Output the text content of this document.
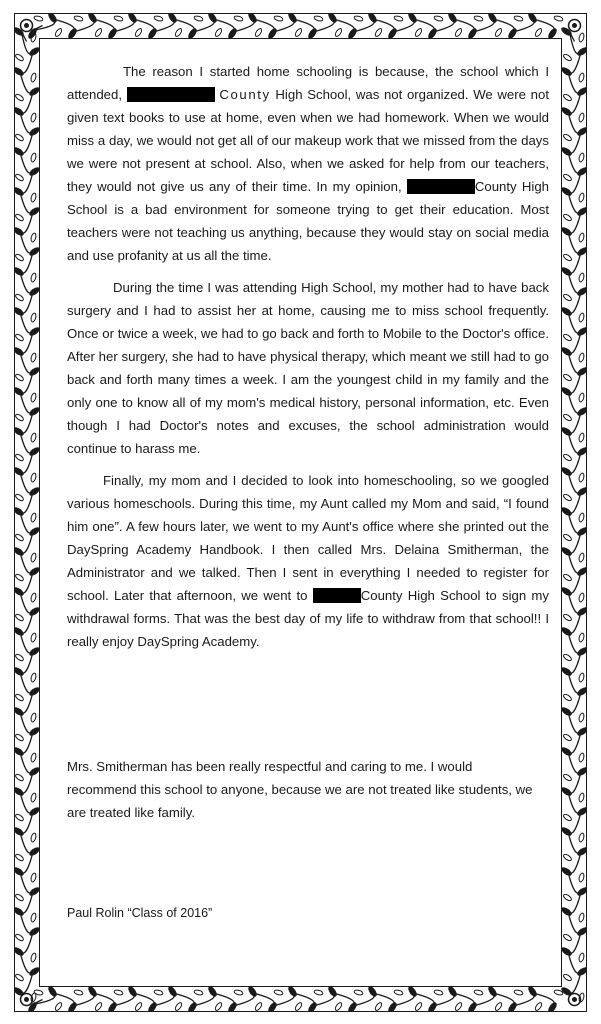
The reason I started home schooling is because, the school which I attended,	County High School, was not organized. We were not given text books to use at home, even when we had homework. When we would miss a day, we would not get all of our makeup work that we missed from the days we were not present at school. Also, when we asked for help from our teachers, they would not give us any of their time. In my opinion,	County High School is a bad environment for someone trying to get their education. Most teachers were not teaching us anything, because they would stay on social media and use profanity at us all the time.

During the time I was attending High School, my mother had to have back surgery and I had to assist her at home, causing me to miss school frequently. Once or twice a week, we had to go back and forth to Mobile to the Doctor's office. After her surgery, she had to have physical therapy, which meant we still had to go back and forth many times a week. I am the youngest child in my family and the only one to know all of my mom's medical history, personal information, etc. Even though I had Doctor's notes and excuses, the school administration would continue to harass me.

Finally, my mom and I decided to look into homeschooling, so we googled various homeschools. During this time, my Aunt called my Mom and said, “I found him one”. A few hours later, we went to my Aunt's office where she printed out the DaySpring Academy Handbook. I then called Mrs. Delaina Smitherman, the Administrator and we talked. Then I sent in everything I needed to register for school. Later that afternoon, we went to	County High School to sign my withdrawal forms. That was the best day of my life to withdraw from that school!! I really enjoy DaySpring Academy.

Mrs. Smitherman has been really respectful and caring to me. I would recommend this school to anyone, because we are not treated like students, we are treated like family.

Paul Rolin “Class of 2016”
